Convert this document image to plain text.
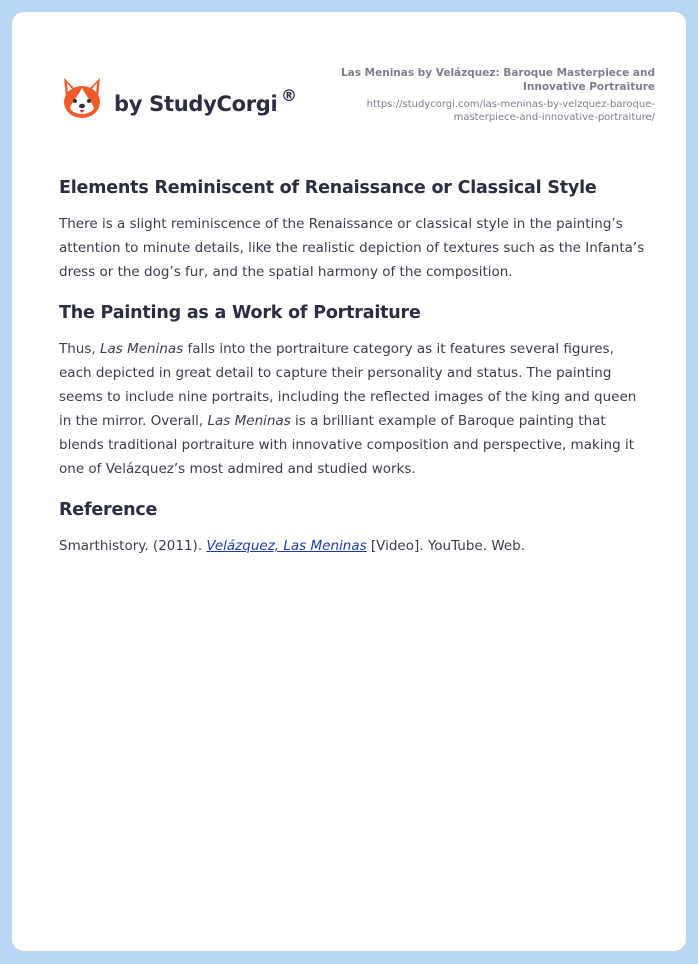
by StudyCorgi ®
Las Meninas by Velázquez: Baroque Masterpiece and Innovative Portraiture
https://studycorgi.com/las-meninas-by-velzquez-baroque-masterpiece-and-innovative-portraiture/
Elements Reminiscent of Renaissance or Classical Style

There is a slight reminiscence of the Renaissance or classical style in the painting’s attention to minute details, like the realistic depiction of textures such as the Infanta’s dress or the dog’s fur, and the spatial harmony of the composition.

The Painting as a Work of Portraiture

Thus, Las Meninas falls into the portraiture category as it features several figures, each depicted in great detail to capture their personality and status. The painting seems to include nine portraits, including the reflected images of the king and queen in the mirror. Overall, Las Meninas is a brilliant example of Baroque painting that blends traditional portraiture with innovative composition and perspective, making it one of Velázquez’s most admired and studied works.

Reference

Smarthistory. (2011). Velázquez, Las Meninas [Video]. YouTube. Web.
